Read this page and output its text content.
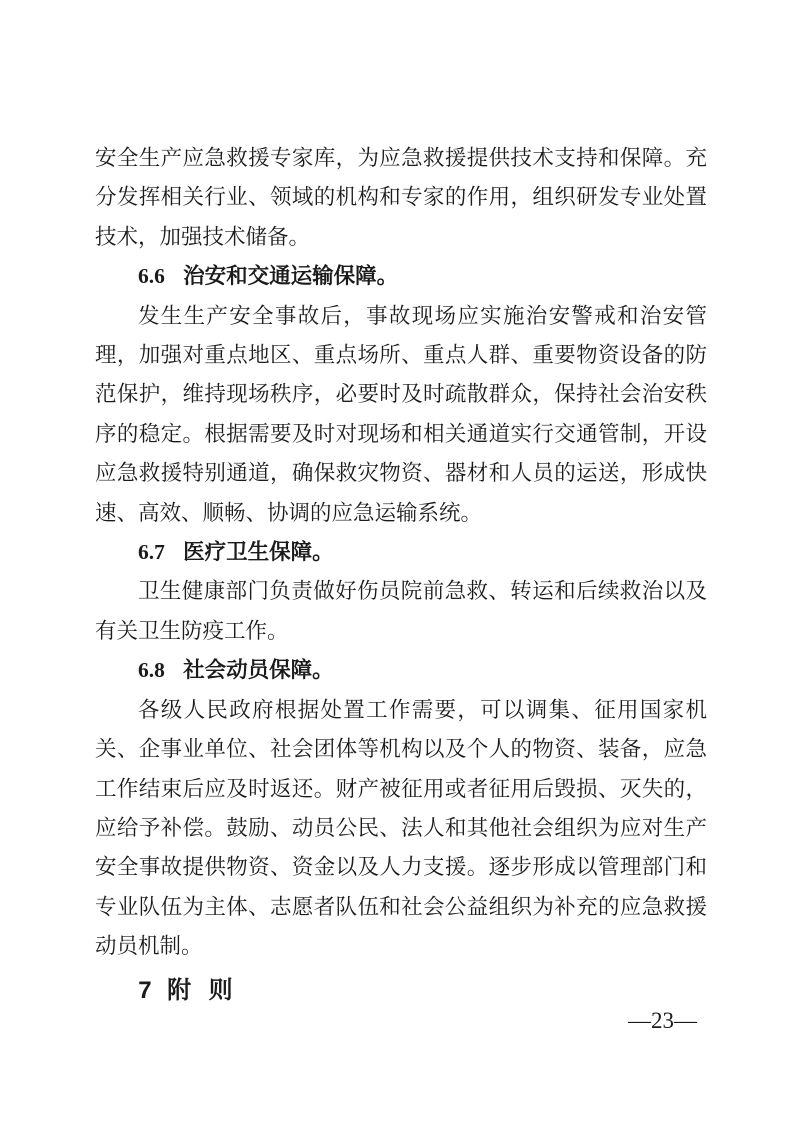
安全生产应急救援专家库，为应急救援提供技术支持和保障。充分发挥相关行业、领域的机构和专家的作用，组织研发专业处置技术，加强技术储备。

6.6 治安和交通运输保障。

发生生产安全事故后，事故现场应实施治安警戒和治安管理，加强对重点地区、重点场所、重点人群、重要物资设备的防范保护，维持现场秩序，必要时及时疏散群众，保持社会治安秩序的稳定。根据需要及时对现场和相关通道实行交通管制，开设应急救援特别通道，确保救灾物资、器材和人员的运送，形成快速、高效、顺畅、协调的应急运输系统。

6.7 医疗卫生保障。

卫生健康部门负责做好伤员院前急救、转运和后续救治以及有关卫生防疫工作。

6.8 社会动员保障。

各级人民政府根据处置工作需要，可以调集、征用国家机关、企事业单位、社会团体等机构以及个人的物资、装备，应急工作结束后应及时返还。财产被征用或者征用后毁损、灭失的，应给予补偿。鼓励、动员公民、法人和其他社会组织为应对生产安全事故提供物资、资金以及人力支援。逐步形成以管理部门和专业队伍为主体、志愿者队伍和社会公益组织为补充的应急救援动员机制。

7 附 则
—23—
